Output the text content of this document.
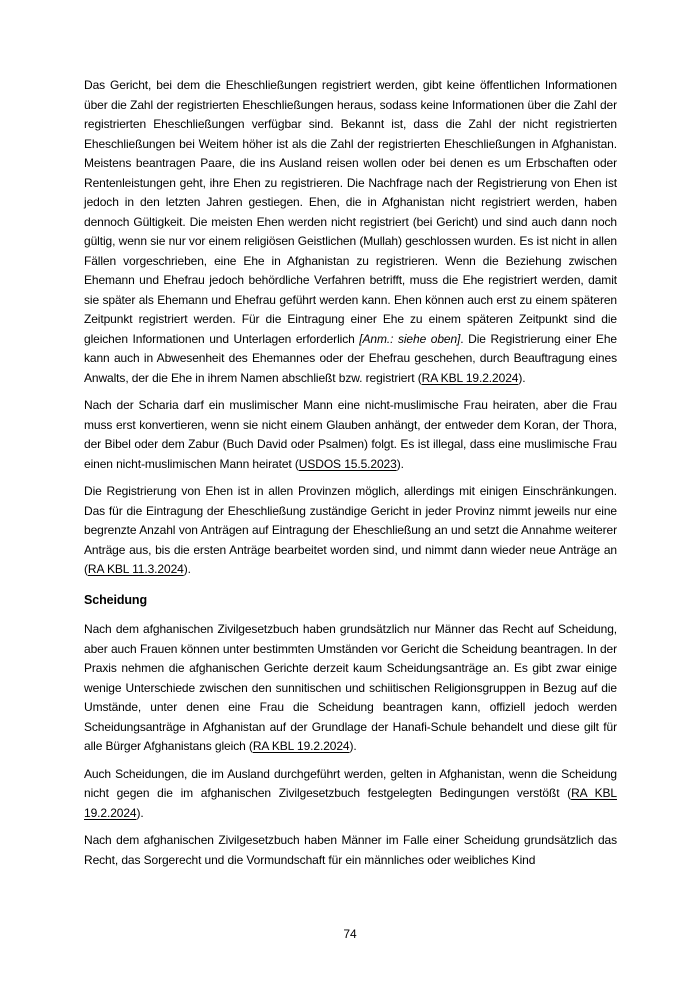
Das Gericht, bei dem die Eheschließungen registriert werden, gibt keine öffentlichen Informationen über die Zahl der registrierten Eheschließungen heraus, sodass keine Informationen über die Zahl der registrierten Eheschließungen verfügbar sind. Bekannt ist, dass die Zahl der nicht registrierten Eheschließungen bei Weitem höher ist als die Zahl der registrierten Eheschließungen in Afghanistan. Meistens beantragen Paare, die ins Ausland reisen wollen oder bei denen es um Erbschaften oder Rentenleistungen geht, ihre Ehen zu registrieren. Die Nachfrage nach der Registrierung von Ehen ist jedoch in den letzten Jahren gestiegen. Ehen, die in Afghanistan nicht registriert werden, haben dennoch Gültigkeit. Die meisten Ehen werden nicht registriert (bei Gericht) und sind auch dann noch gültig, wenn sie nur vor einem religiösen Geistlichen (Mullah) geschlossen wurden. Es ist nicht in allen Fällen vorgeschrieben, eine Ehe in Afghanistan zu registrieren. Wenn die Beziehung zwischen Ehemann und Ehefrau jedoch behördliche Verfahren betrifft, muss die Ehe registriert werden, damit sie später als Ehemann und Ehefrau geführt werden kann. Ehen können auch erst zu einem späteren Zeitpunkt registriert werden. Für die Eintragung einer Ehe zu einem späteren Zeitpunkt sind die gleichen Informationen und Unterlagen erforderlich [Anm.: siehe oben]. Die Registrierung einer Ehe kann auch in Abwesenheit des Ehemannes oder der Ehefrau geschehen, durch Beauftragung eines Anwalts, der die Ehe in ihrem Namen abschließt bzw. registriert (RA KBL 19.2.2024).

Nach der Scharia darf ein muslimischer Mann eine nicht-muslimische Frau heiraten, aber die Frau muss erst konvertieren, wenn sie nicht einem Glauben anhängt, der entweder dem Koran, der Thora, der Bibel oder dem Zabur (Buch David oder Psalmen) folgt. Es ist illegal, dass eine muslimische Frau einen nicht-muslimischen Mann heiratet (USDOS 15.5.2023).

Die Registrierung von Ehen ist in allen Provinzen möglich, allerdings mit einigen Einschränkungen. Das für die Eintragung der Eheschließung zuständige Gericht in jeder Provinz nimmt jeweils nur eine begrenzte Anzahl von Anträgen auf Eintragung der Eheschließung an und setzt die Annahme weiterer Anträge aus, bis die ersten Anträge bearbeitet worden sind, und nimmt dann wieder neue Anträge an (RA KBL 11.3.2024).

Scheidung

Nach dem afghanischen Zivilgesetzbuch haben grundsätzlich nur Männer das Recht auf Scheidung, aber auch Frauen können unter bestimmten Umständen vor Gericht die Scheidung beantragen. In der Praxis nehmen die afghanischen Gerichte derzeit kaum Scheidungsanträge an. Es gibt zwar einige wenige Unterschiede zwischen den sunnitischen und schiitischen Religionsgruppen in Bezug auf die Umstände, unter denen eine Frau die Scheidung beantragen kann, offiziell jedoch werden Scheidungsanträge in Afghanistan auf der Grundlage der Hanafi-Schule behandelt und diese gilt für alle Bürger Afghanistans gleich (RA KBL 19.2.2024).

Auch Scheidungen, die im Ausland durchgeführt werden, gelten in Afghanistan, wenn die Scheidung nicht gegen die im afghanischen Zivilgesetzbuch festgelegten Bedingungen verstößt (RA KBL 19.2.2024).

Nach dem afghanischen Zivilgesetzbuch haben Männer im Falle einer Scheidung grundsätzlich das Recht, das Sorgerecht und die Vormundschaft für ein männliches oder weibliches Kind

74
